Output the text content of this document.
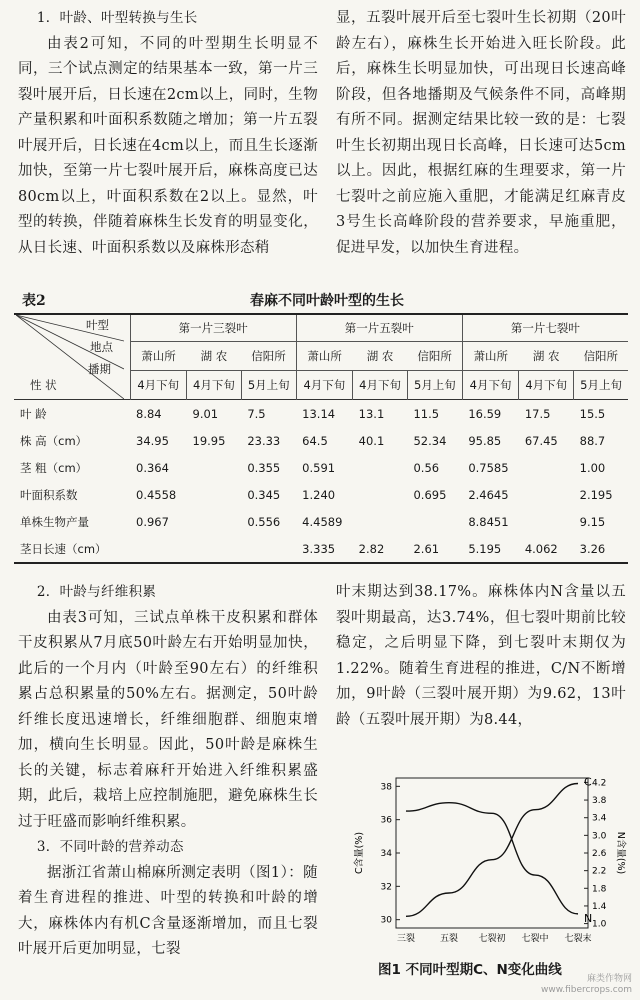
1．叶龄、叶型转换与生长

由表2可知，不同的叶型期生长明显不同，三个试点测定的结果基本一致，第一片三裂叶展开后，日长速在2cm以上，同时，生物产量积累和叶面积系数随之增加；第一片五裂叶展开后，日长速在4cm以上，而且生长逐渐加快，至第一片七裂叶展开后，麻株高度已达80cm以上，叶面积系数在2以上。显然，叶型的转换，伴随着麻株生长发育的明显变化，从日长速、叶面积系数以及麻株形态稍

显，五裂叶展开后至七裂叶生长初期（20叶龄左右），麻株生长开始进入旺长阶段。此后，麻株生长明显加快，可出现日长速高峰阶段，但各地播期及气候条件不同，高峰期有所不同。据测定结果比较一致的是：七裂叶生长初期出现日长高峰，日长速可达5cm以上。因此，根据红麻的生理要求，第一片七裂叶之前应施入重肥，才能满足红麻青皮3号生长高峰阶段的营养要求，早施重肥，促进早发，以加快生育进程。

表2	春麻不同叶龄叶型的生长
叶型
地点
播期
性 状	第一片三裂叶			第一片五裂叶			第一片七裂叶		
	萧山所	湖 农	信阳所	萧山所	湖 农	信阳所	萧山所	湖 农	信阳所
	4月下旬	4月下旬	5月上旬	4月下旬	4月下旬	5月上旬	4月下旬	4月下旬	5月上旬
叶 龄	8.84	9.01	7.5	13.14	13.1	11.5	16.59	17.5	15.5
株 高（cm）	34.95	19.95	23.33	64.5	40.1	52.34	95.85	67.45	88.7
茎 粗（cm）	0.364		0.355	0.591		0.56	0.7585		1.00
叶面积系数	0.4558		0.345	1.240		0.695	2.4645		2.195
单株生物产量	0.967		0.556	4.4589			8.8451		9.15
茎日长速（cm）				3.335	2.82	2.61	5.195	4.062	3.26

2．叶龄与纤维积累

由表3可知，三试点单株干皮积累和群体干皮积累从7月底50叶龄左右开始明显加快，此后的一个月内（叶龄至90左右）的纤维积累占总积累量的50%左右。据测定，50叶龄纤维长度迅速增长，纤维细胞群、细胞束增加，横向生长明显。因此，50叶龄是麻株生长的关键，标志着麻秆开始进入纤维积累盛期，此后，栽培上应控制施肥，避免麻株生长过于旺盛而影响纤维积累。

3．不同叶龄的营养动态

据浙江省萧山棉麻所测定表明（图1）：随着生育进程的推进、叶型的转换和叶龄的增大，麻株体内有机C含量逐渐增加，而且七裂叶展开后更加明显，七裂

叶末期达到38.17%。麻株体内N含量以五裂叶期最高，达3.74%，但七裂叶期前比较稳定，之后明显下降，到七裂叶末期仅为1.22%。随着生育进程的推进，C/N不断增加，9叶龄（三裂叶展开期）为9.62，13叶龄（五裂叶展开期）为8.44，

38
36
34
32
30
4.2
3.8
3.4
3.0
2.6
2.2
1.8
1.4
1.0
三裂	五裂 七裂初 七裂中 七裂末
C含量(%)	N含量(%)
C
N
图1 不同叶型期C、N变化曲线
麻类作物网
www.fibercrops.com
